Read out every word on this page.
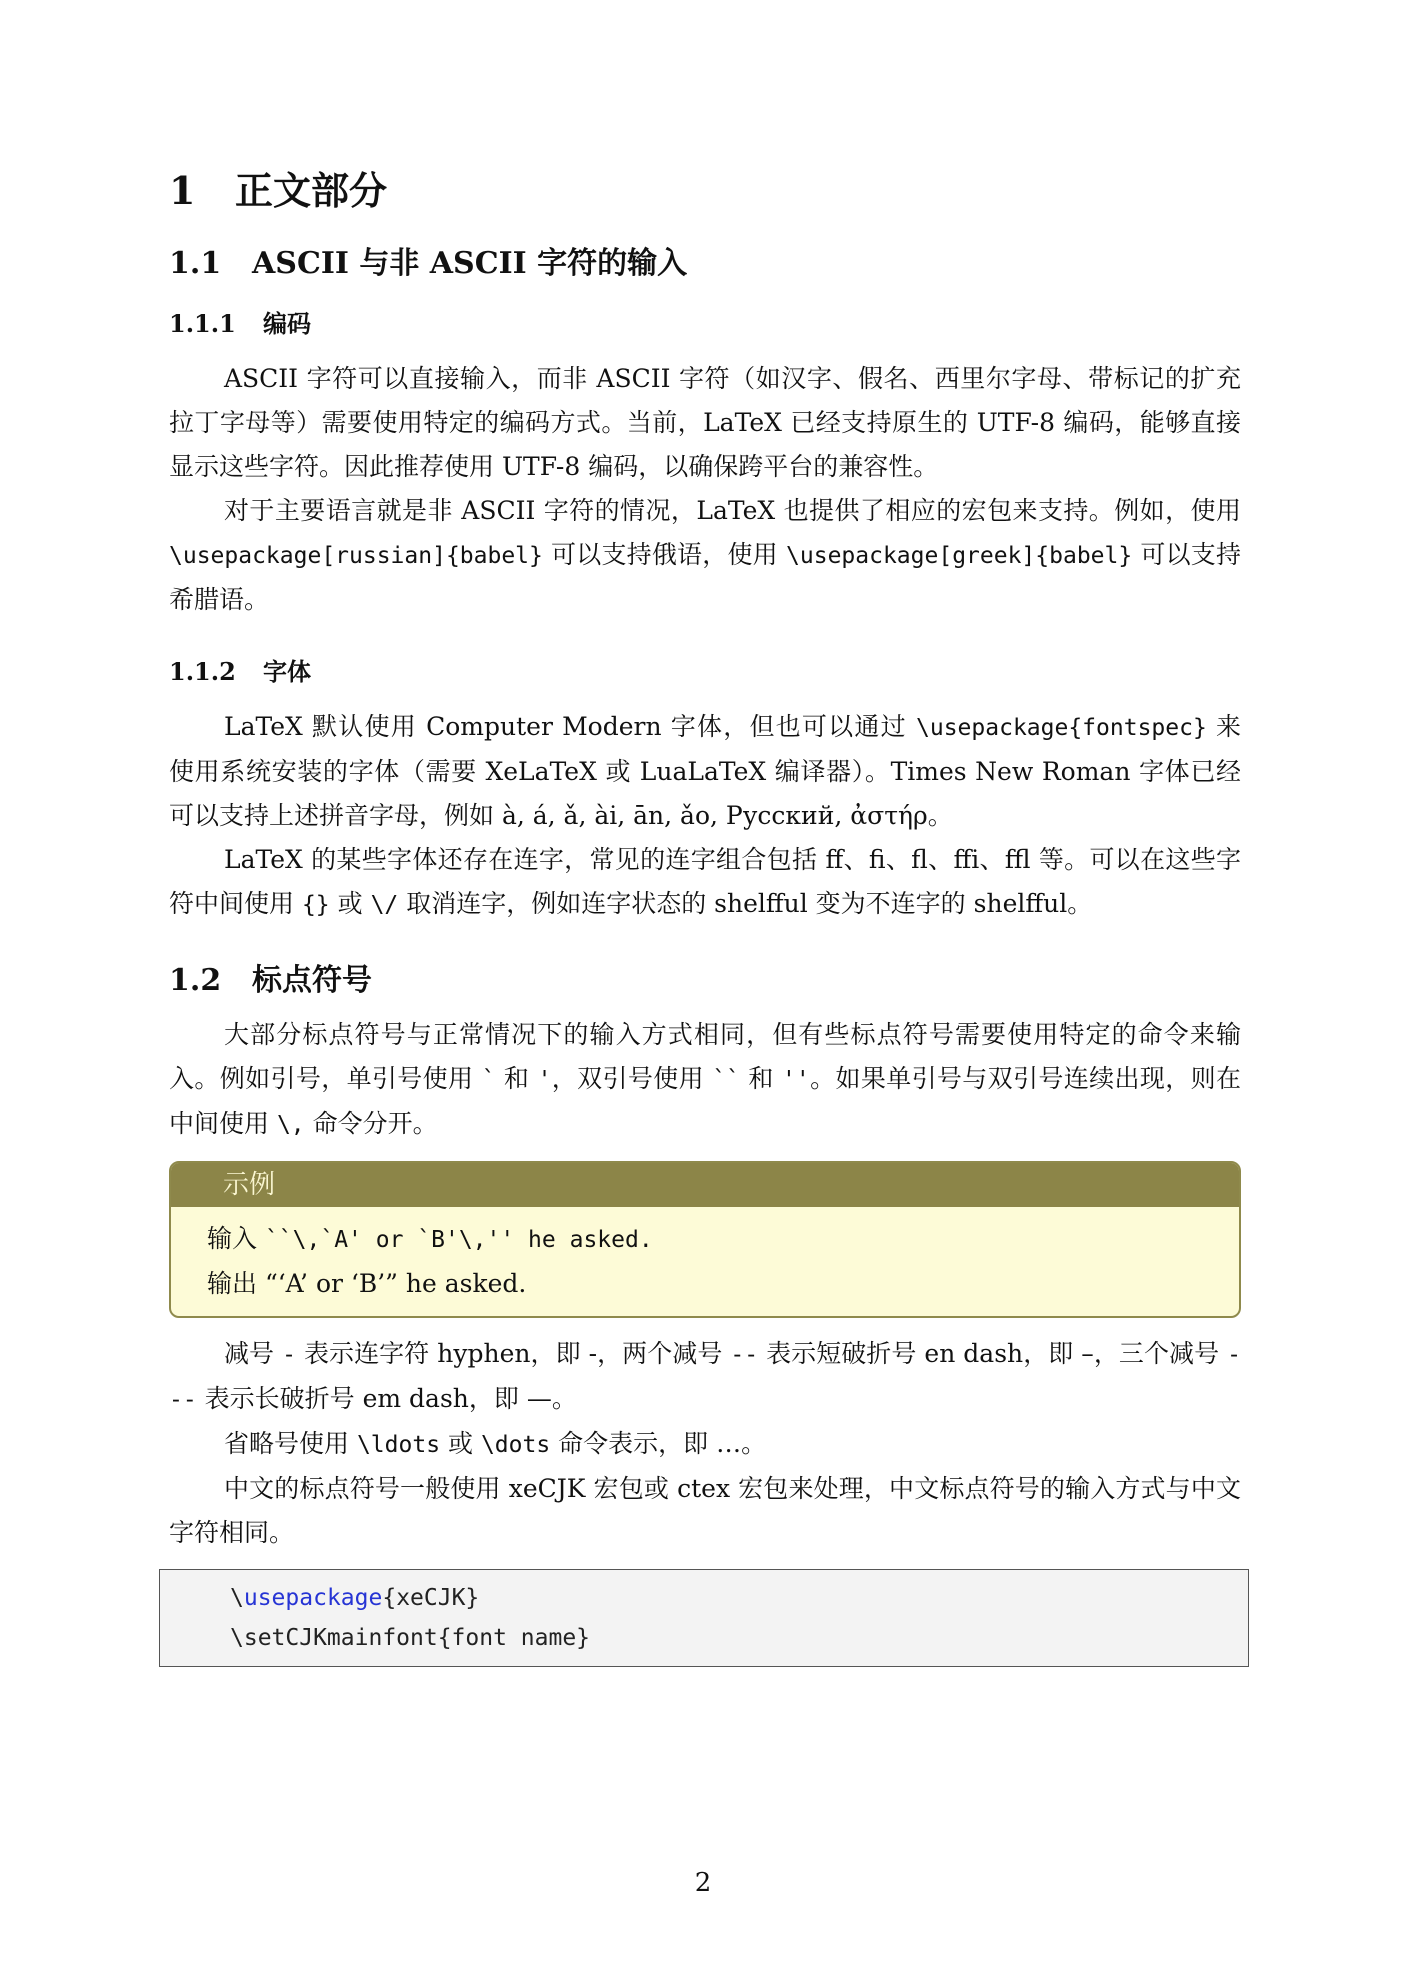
1	正文部分
1.1	ASCII 与非 ASCII 字符的输入
1.1.1	编码

ASCII 字符可以直接输入，而非 ASCII 字符（如汉字、假名、西里尔字母、带标记的扩充拉丁字母等）需要使用特定的编码方式。当前，LaTeX 已经支持原生的 UTF-8 编码，能够直接显示这些字符。因此推荐使用 UTF-8 编码，以确保跨平台的兼容性。

对于主要语言就是非 ASCII 字符的情况，LaTeX 也提供了相应的宏包来支持。例如，使用 \usepackage[russian]{babel} 可以支持俄语，使用 \usepackage[greek]{babel} 可以支持希腊语。

1.1.2	字体

LaTeX 默认使用 Computer Modern 字体，但也可以通过 \usepackage{fontspec} 来使用系统安装的字体（需要 XeLaTeX 或 LuaLaTeX 编译器）。Times New Roman 字体已经可以支持上述拼音字母，例如 à, á, ǎ, ài, ān, ǎo, Русский, ἀστήρ。

LaTeX 的某些字体还存在连字，常见的连字组合包括 ff、fi、fl、ffi、ffl 等。可以在这些字符中间使用 {} 或 \/ 取消连字，例如连字状态的 shelfful 变为不连字的 shelfful。

1.2	标点符号

大部分标点符号与正常情况下的输入方式相同，但有些标点符号需要使用特定的命令来输入。例如引号，单引号使用 ` 和 '，双引号使用 `` 和 ''。如果单引号与双引号连续出现，则在中间使用 \, 命令分开。

示例
输入 ``\,`A' or `B'\,'' he asked.
输出 “‘A’ or ‘B’” he asked.

减号 - 表示连字符 hyphen，即 -，两个减号 -- 表示短破折号 en dash，即 –，三个减号 --- 表示长破折号 em dash，即 —。

省略号使用 \ldots 或 \dots 命令表示，即 …。

中文的标点符号一般使用 xeCJK 宏包或 ctex 宏包来处理，中文标点符号的输入方式与中文字符相同。

\usepackage{xeCJK}
\setCJKmainfont{font name}
2
